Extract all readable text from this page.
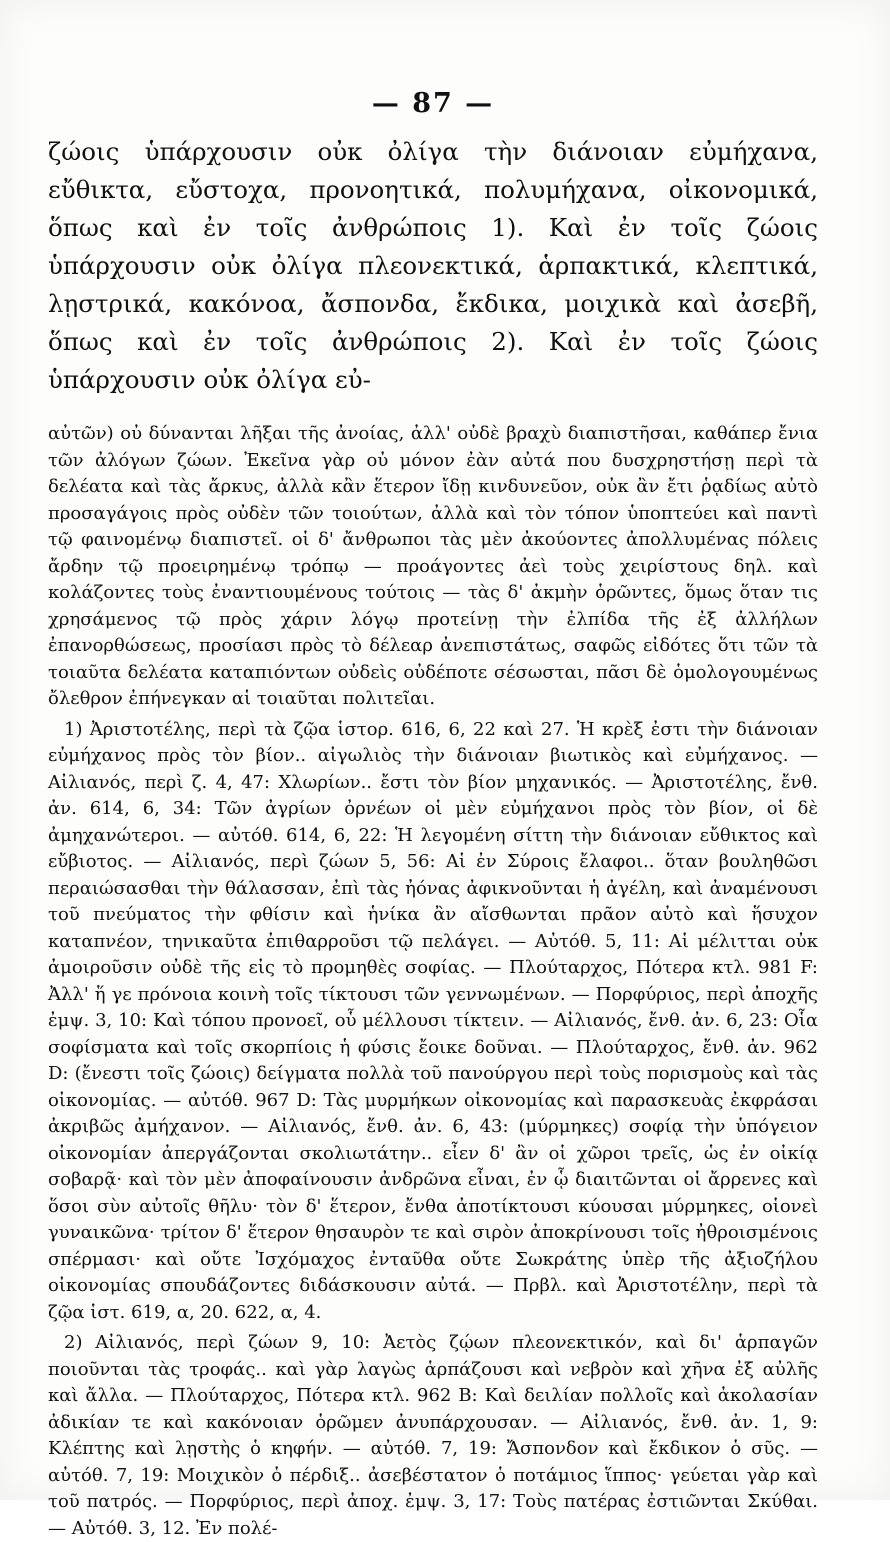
— 87 —

ζώοις ὑπάρχουσιν οὐκ ὀλίγα τὴν διάνοιαν εὐμήχανα, εὔθικτα, εὔστοχα, προνοητικά, πολυμήχανα, οἰκονομικά, ὅπως καὶ ἐν τοῖς ἀνθρώποις 1). Καὶ ἐν τοῖς ζώοις ὑπάρχουσιν οὐκ ὀλίγα πλεονεκτικά, ἁρπακτικά, κλεπτικά, λῃστρικά, κακόνοα, ἄσπονδα, ἔκδικα, μοιχικὰ καὶ ἀσεβῆ, ὅπως καὶ ἐν τοῖς ἀνθρώποις 2). Καὶ ἐν τοῖς ζώοις ὑπάρχουσιν οὐκ ὀλίγα εὐ-

αὐτῶν) οὐ δύνανται λῆξαι τῆς ἀνοίας, ἀλλ' οὐδὲ βραχὺ διαπιστῆσαι, καθάπερ ἔνια τῶν ἀλόγων ζώων. Ἐκεῖνα γὰρ οὐ μόνον ἐὰν αὐτά που δυσχρηστήσῃ περὶ τὰ δελέατα καὶ τὰς ἄρκυς, ἀλλὰ κἂν ἕτερον ἴδῃ κινδυνεῦον, οὐκ ἂν ἔτι ῥᾳδίως αὐτὸ προσαγάγοις πρὸς οὐδὲν τῶν τοιούτων, ἀλλὰ καὶ τὸν τόπον ὑποπτεύει καὶ παντὶ τῷ φαινομένῳ διαπιστεῖ. οἱ δ' ἄνθρωποι τὰς μὲν ἀκούοντες ἀπολλυμένας πόλεις ἄρδην τῷ προειρημένῳ τρόπῳ — προάγοντες ἀεὶ τοὺς χειρίστους δηλ. καὶ κολάζοντες τοὺς ἐναντιουμένους τούτοις — τὰς δ' ἀκμὴν ὁρῶντες, ὅμως ὅταν τις χρησάμενος τῷ πρὸς χάριν λόγῳ προτείνῃ τὴν ἐλπίδα τῆς ἐξ ἀλλήλων ἐπανορθώσεως, προσίασι πρὸς τὸ δέλεαρ ἀνεπιστάτως, σαφῶς εἰδότες ὅτι τῶν τὰ τοιαῦτα δελέατα καταπιόντων οὐδεὶς οὐδέποτε σέσωσται, πᾶσι δὲ ὁμολογουμένως ὄλεθρον ἐπήνεγκαν αἱ τοιαῦται πολιτεῖαι.

1) Ἀριστοτέλης, περὶ τὰ ζῷα ἱστορ. 616, 6, 22 καὶ 27. Ἡ κρὲξ ἐστι τὴν διάνοιαν εὐμήχανος πρὸς τὸν βίον.. αἰγωλιὸς τὴν διάνοιαν βιωτικὸς καὶ εὐμήχανος. — Αἰλιανός, περὶ ζ. 4, 47: Χλωρίων.. ἔστι τὸν βίον μηχανικός. — Ἀριστοτέλης, ἔνθ. ἀν. 614, 6, 34: Τῶν ἀγρίων ὀρνέων οἱ μὲν εὐμήχανοι πρὸς τὸν βίον, οἱ δὲ ἀμηχανώτεροι. — αὐτόθ. 614, 6, 22: Ἡ λεγομένη σίττη τὴν διάνοιαν εὔθικτος καὶ εὔβιοτος. — Αἰλιανός, περὶ ζώων 5, 56: Αἱ ἐν Σύροις ἔλαφοι.. ὅταν βουληθῶσι περαιώσασθαι τὴν θάλασσαν, ἐπὶ τὰς ἠόνας ἀφικνοῦνται ἡ ἀγέλη, καὶ ἀναμένουσι τοῦ πνεύματος τὴν φθίσιν καὶ ἡνίκα ἂν αἴσθωνται πρᾶον αὐτὸ καὶ ἥσυχον καταπνέον, τηνικαῦτα ἐπιθαρροῦσι τῷ πελάγει. — Αὐτόθ. 5, 11: Αἱ μέλιτται οὐκ ἀμοιροῦσιν οὐδὲ τῆς εἰς τὸ προμηθὲς σοφίας. — Πλούταρχος, Πότερα κτλ. 981 F: Ἀλλ' ἥ γε πρόνοια κοινὴ τοῖς τίκτουσι τῶν γεννωμένων. — Πορφύριος, περὶ ἀποχῆς ἐμψ. 3, 10: Καὶ τόπου προνοεῖ, οὗ μέλλουσι τίκτειν. — Αἰλιανός, ἔνθ. ἀν. 6, 23: Οἷα σοφίσματα καὶ τοῖς σκορπίοις ἡ φύσις ἔοικε δοῦναι. — Πλούταρχος, ἔνθ. ἀν. 962 D: (ἔνεστι τοῖς ζώοις) δείγματα πολλὰ τοῦ πανούργου περὶ τοὺς πορισμοὺς καὶ τὰς οἰκονομίας. — αὐτόθ. 967 D: Τὰς μυρμήκων οἰκονομίας καὶ παρασκευὰς ἐκφράσαι ἀκριβῶς ἀμήχανον. — Αἰλιανός, ἔνθ. ἀν. 6, 43: (μύρμηκες) σοφίᾳ τὴν ὑπόγειον οἰκονομίαν ἀπεργάζονται σκολιωτάτην.. εἶεν δ' ἂν οἱ χῶροι τρεῖς, ὡς ἐν οἰκίᾳ σοβαρᾷ· καὶ τὸν μὲν ἀποφαίνουσιν ἀνδρῶνα εἶναι, ἐν ᾧ διαιτῶνται οἱ ἄρρενες καὶ ὅσοι σὺν αὐτοῖς θῆλυ· τὸν δ' ἕτερον, ἔνθα ἀποτίκτουσι κύουσαι μύρμηκες, οἱονεὶ γυναικῶνα· τρίτον δ' ἕτερον θησαυρὸν τε καὶ σιρὸν ἀποκρίνουσι τοῖς ἠθροισμένοις σπέρμασι· καὶ οὔτε Ἰσχόμαχος ἐνταῦθα οὔτε Σωκράτης ὑπὲρ τῆς ἀξιοζήλου οἰκονομίας σπουδάζοντες διδάσκουσιν αὐτά. — Πρβλ. καὶ Ἀριστοτέλην, περὶ τὰ ζῷα ἱστ. 619, α, 20. 622, α, 4.

2) Αἰλιανός, περὶ ζώων 9, 10: Ἀετὸς ζῴων πλεονεκτικόν, καὶ δι' ἁρπαγῶν ποιοῦνται τὰς τροφάς.. καὶ γὰρ λαγὼς ἁρπάζουσι καὶ νεβρὸν καὶ χῆνα ἐξ αὐλῆς καὶ ἄλλα. — Πλούταρχος, Πότερα κτλ. 962 B: Καὶ δειλίαν πολλοῖς καὶ ἀκολασίαν ἀδικίαν τε καὶ κακόνοιαν ὁρῶμεν ἀνυπάρχουσαν. — Αἰλιανός, ἔνθ. ἀν. 1, 9: Κλέπτης καὶ λῃστὴς ὁ κηφήν. — αὐτόθ. 7, 19: Ἄσπονδον καὶ ἔκδικον ὁ σῦς. — αὐτόθ. 7, 19: Μοιχικὸν ὁ πέρδιξ.. ἀσεβέστατον ὁ ποτάμιος ἵππος· γεύεται γὰρ καὶ τοῦ πατρός. — Πορφύριος, περὶ ἀποχ. ἐμψ. 3, 17: Τοὺς πατέρας ἐστιῶνται Σκύθαι. — Αὐτόθ. 3, 12. Ἐν πολέ-
